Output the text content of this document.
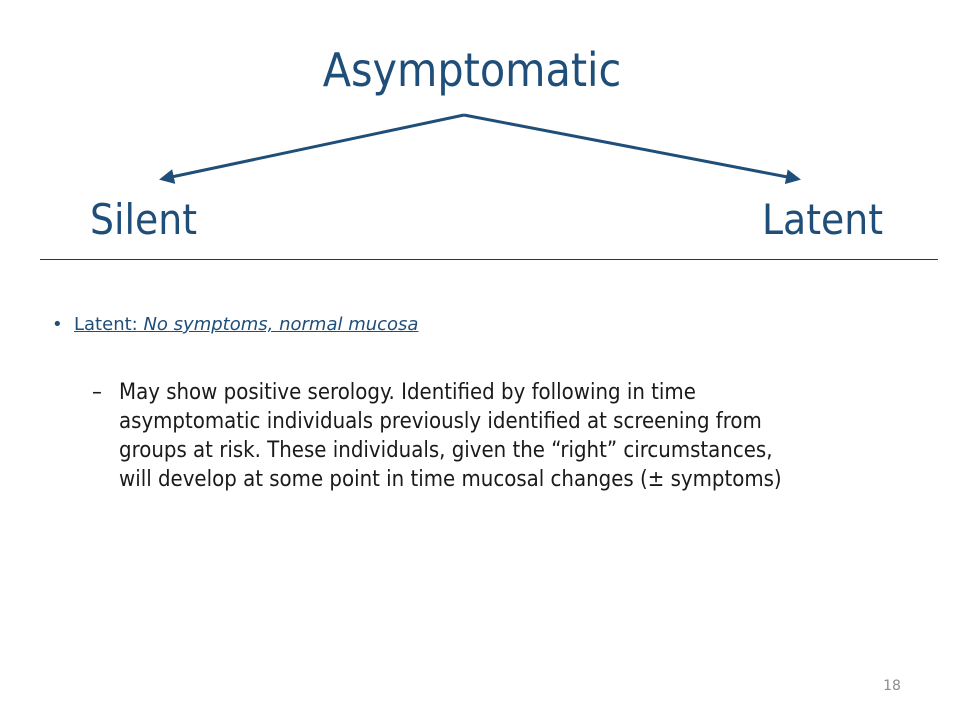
Asymptomatic
Silent	Latent
• Latent: No symptoms, normal mucosa
– May show positive serology. Identified by following in time
asymptomatic individuals previously identified at screening from
groups at risk. These individuals, given the “right” circumstances,
will develop at some point in time mucosal changes (± symptoms)
18
